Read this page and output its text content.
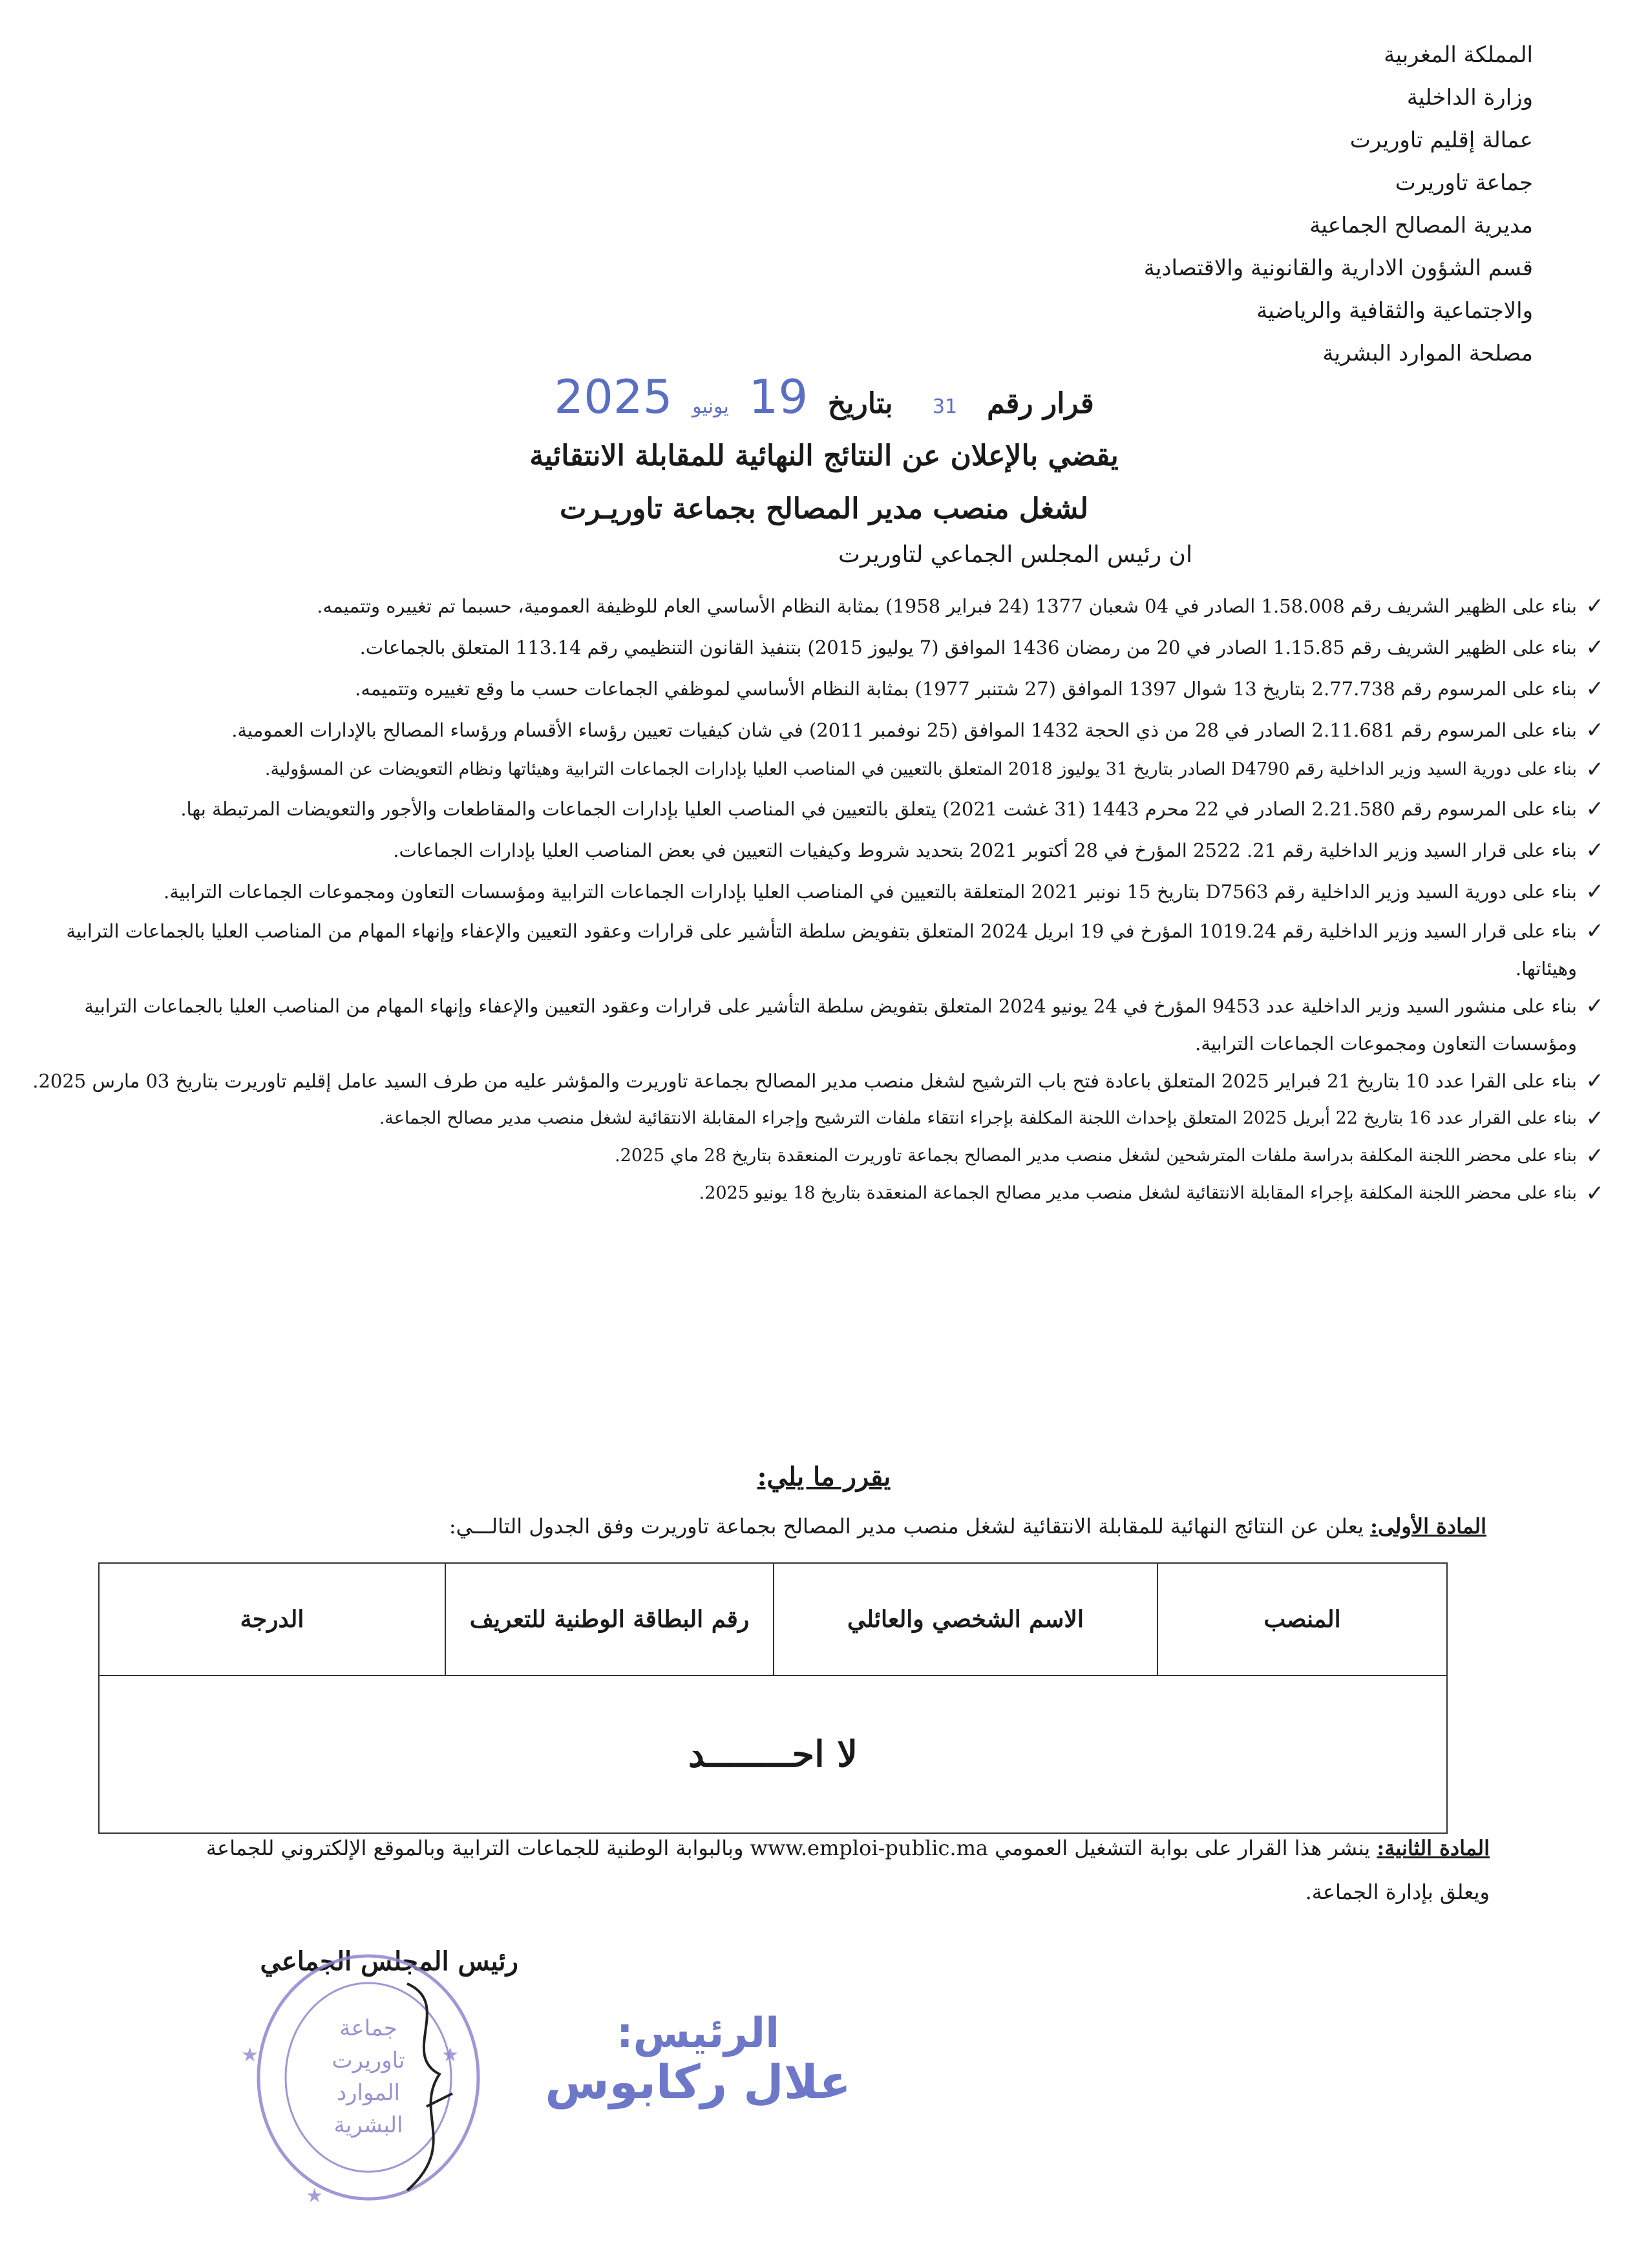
المملكة المغربية
وزارة الداخلية
عمالة إقليم تاوريرت
جماعة تاوريرت
مديرية المصالح الجماعية
قسم الشؤون الادارية والقانونية والاقتصادية
والاجتماعية والثقافية والرياضية
مصلحة الموارد البشرية
قرار رقم   31    بتاريخ  19  يونيو  2025
يقضي بالإعلان عن النتائج النهائية للمقابلة الانتقائية
لشغل منصب مدير المصالح بجماعة تاوريـرت
ان رئيس المجلس الجماعي لتاوريرت
✓
بناء على الظهير الشريف رقم 1.58.008 الصادر في 04 شعبان 1377 (24 فبراير 1958) بمثابة النظام الأساسي العام للوظيفة العمومية، حسبما تم تغييره وتتميمه.
✓
بناء على الظهير الشريف رقم 1.15.85 الصادر في 20 من رمضان 1436 الموافق (7 يوليوز 2015) بتنفيذ القانون التنظيمي رقم 113.14 المتعلق بالجماعات.
✓
بناء على المرسوم رقم 2.77.738 بتاريخ 13 شوال 1397 الموافق (27 شتنبر 1977) بمثابة النظام الأساسي لموظفي الجماعات حسب ما وقع تغييره وتتميمه.
✓
بناء على المرسوم رقم 2.11.681 الصادر في 28 من ذي الحجة 1432 الموافق (25 نوفمبر 2011) في شان كيفيات تعيين رؤساء الأقسام ورؤساء المصالح بالإدارات العمومية.
✓
بناء على دورية السيد وزير الداخلية رقم D4790 الصادر بتاريخ 31 يوليوز 2018 المتعلق بالتعيين في المناصب العليا بإدارات الجماعات الترابية وهيئاتها ونظام التعويضات عن المسؤولية.
✓
بناء على المرسوم رقم 2.21.580 الصادر في 22 محرم 1443 (31 غشت 2021) يتعلق بالتعيين في المناصب العليا بإدارات الجماعات والمقاطعات والأجور والتعويضات المرتبطة بها.
✓
بناء على قرار السيد وزير الداخلية رقم 21. 2522 المؤرخ في 28 أكتوبر 2021 بتحديد شروط وكيفيات التعيين في بعض المناصب العليا بإدارات الجماعات.
✓
بناء على دورية السيد وزير الداخلية رقم D7563 بتاريخ 15 نونبر 2021 المتعلقة بالتعيين في المناصب العليا بإدارات الجماعات الترابية ومؤسسات التعاون ومجموعات الجماعات الترابية.
✓
بناء على قرار السيد وزير الداخلية رقم 1019.24 المؤرخ في 19 ابريل 2024 المتعلق بتفويض سلطة التأشير على قرارات وعقود التعيين والإعفاء وإنهاء المهام من المناصب العليا بالجماعات الترابية وهيئاتها.
✓
بناء على منشور السيد وزير الداخلية عدد 9453 المؤرخ في 24 يونيو 2024 المتعلق بتفويض سلطة التأشير على قرارات وعقود التعيين والإعفاء وإنهاء المهام من المناصب العليا بالجماعات الترابية ومؤسسات التعاون ومجموعات الجماعات الترابية.
✓
بناء على القرا عدد 10 بتاريخ 21 فبراير 2025 المتعلق باعادة فتح باب الترشيح لشغل منصب مدير المصالح بجماعة تاوريرت والمؤشر عليه من طرف السيد عامل إقليم تاوريرت بتاريخ 03 مارس 2025.
✓
بناء على القرار عدد 16 بتاريخ 22 أبريل 2025 المتعلق بإحداث اللجنة المكلفة بإجراء انتقاء ملفات الترشيح وإجراء المقابلة الانتقائية لشغل منصب مدير مصالح الجماعة.
✓
بناء على محضر اللجنة المكلفة بدراسة ملفات المترشحين لشغل منصب مدير المصالح بجماعة تاوريرت المنعقدة بتاريخ 28 ماي 2025.
✓
بناء على محضر اللجنة المكلفة بإجراء المقابلة الانتقائية لشغل منصب مدير مصالح الجماعة المنعقدة بتاريخ 18 يونيو 2025.
يقرر ما يلي:
المادة الأولى: يعلن عن النتائج النهائية للمقابلة الانتقائية لشغل منصب مدير المصالح بجماعة تاوريرت وفق الجدول التالـــي:
المنصب	الاسم الشخصي والعائلي	رقم البطاقة الوطنية للتعريف	الدرجة
لا احــــــــد
المادة الثانية: ينشر هذا القرار على بوابة التشغيل العمومي www.emploi-public.ma وبالبوابة الوطنية للجماعات الترابية وبالموقع الإلكتروني للجماعة
ويعلق بإدارة الجماعة.
رئيس المجلس الجماعي
جماعة
تاوريرت
الموارد
البشرية
★	★
★
الرئيس:
علال ركابوس
